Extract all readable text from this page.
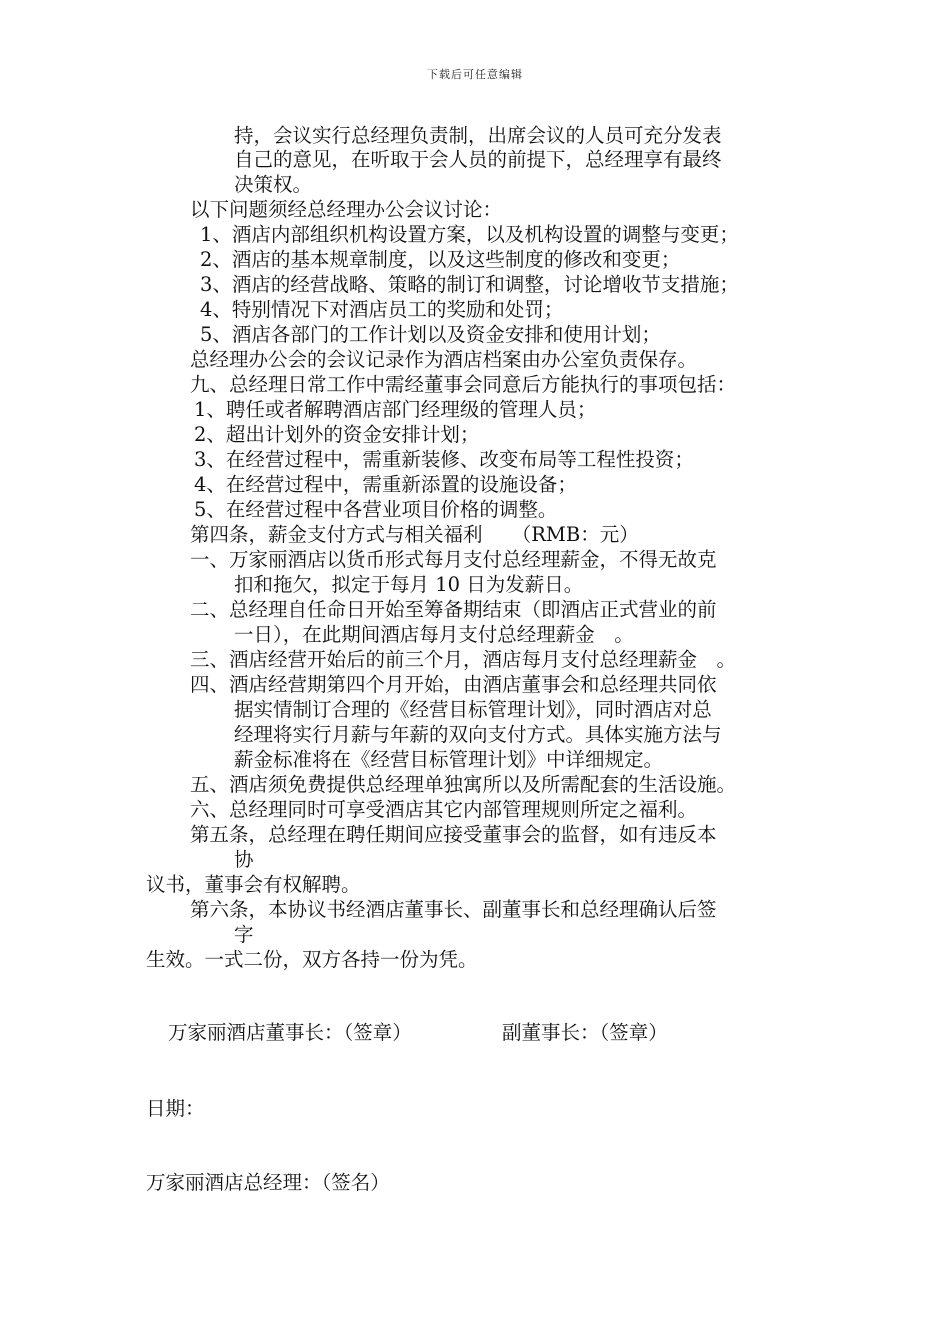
下载后可任意编辑
持，会议实行总经理负责制，出席会议的人员可充分发表
自己的意见，在听取于会人员的前提下，总经理享有最终
决策权。
以下问题须经总经理办公会议讨论：
1、酒店内部组织机构设置方案，以及机构设置的调整与变更；
2、酒店的基本规章制度，以及这些制度的修改和变更；
3、酒店的经营战略、策略的制订和调整，讨论增收节支措施；
4、特别情况下对酒店员工的奖励和处罚；
5、酒店各部门的工作计划以及资金安排和使用计划；
总经理办公会的会议记录作为酒店档案由办公室负责保存。
九、总经理日常工作中需经董事会同意后方能执行的事项包括：
1、聘任或者解聘酒店部门经理级的管理人员；
2、超出计划外的资金安排计划；
3、在经营过程中，需重新装修、改变布局等工程性投资；
4、在经营过程中，需重新添置的设施设备；
5、在经营过程中各营业项目价格的调整。
第四条，薪金支付方式与相关福利　　（RMB：元）
一、万家丽酒店以货币形式每月支付总经理薪金，不得无故克
扣和拖欠，拟定于每月 10 日为发薪日。
二、总经理自任命日开始至筹备期结束（即酒店正式营业的前
一日），在此期间酒店每月支付总经理薪金　。
三、酒店经营开始后的前三个月，酒店每月支付总经理薪金　。
四、酒店经营期第四个月开始，由酒店董事会和总经理共同依
据实情制订合理的《经营目标管理计划》，同时酒店对总
经理将实行月薪与年薪的双向支付方式。具体实施方法与
薪金标准将在《经营目标管理计划》中详细规定。
五、酒店须免费提供总经理单独寓所以及所需配套的生活设施。
六、总经理同时可享受酒店其它内部管理规则所定之福利。
第五条，总经理在聘任期间应接受董事会的监督，如有违反本
协
议书，董事会有权解聘。
第六条，本协议书经酒店董事长、副董事长和总经理确认后签
字
生效。一式二份，双方各持一份为凭。
万家丽酒店董事长：（签章）	副董事长：（签章）
日期：
万家丽酒店总经理：（签名）
